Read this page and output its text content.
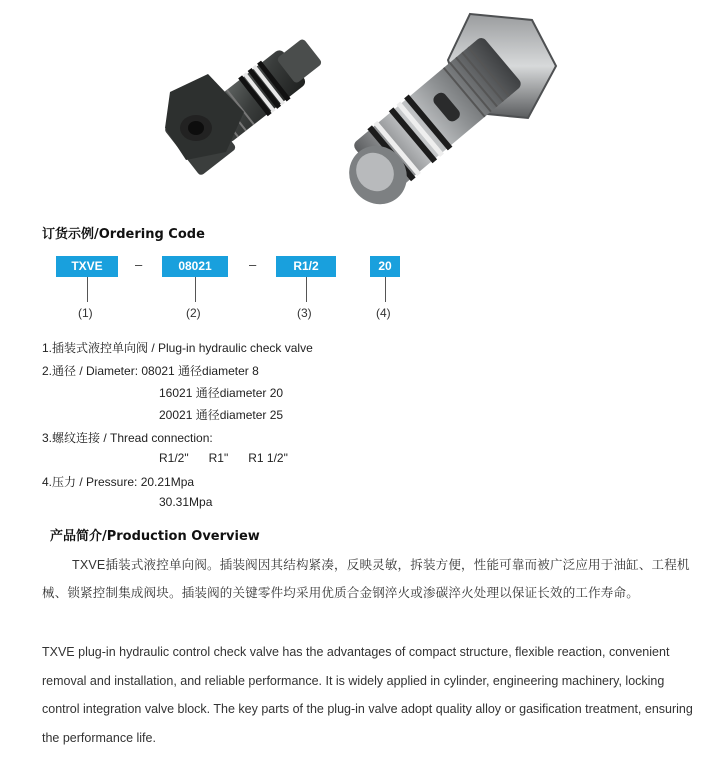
订货示例/Ordering Code
TXVE	–	08021	–	R1/2	20
(1)	(2)	(3)	(4)
1.插装式液控单向阀 / Plug-in hydraulic check valve
2.通径 / Diameter: 08021 通径diameter 8
16021 通径diameter 20
20021 通径diameter 25
3.螺纹连接 / Thread connection:
R1/2"      R1"      R1 1/2"
4.压力 / Pressure: 20.21Mpa
30.31Mpa
产品简介/Production Overview
TXVE插装式液控单向阀。插装阀因其结构紧凑，反映灵敏，拆装方便，性能可靠而被广泛应用于油缸、工程机械、锁紧控制集成阀块。插装阀的关键零件均采用优质合金钢淬火或渗碳淬火处理以保证长效的工作寿命。
TXVE plug-in hydraulic control check valve has the advantages of compact structure, flexible reaction, convenient removal and installation, and reliable performance. It is widely applied in cylinder, engineering machinery, locking control integration valve block. The key parts of the plug-in valve adopt quality alloy or gasification treatment, ensuring the performance life.
